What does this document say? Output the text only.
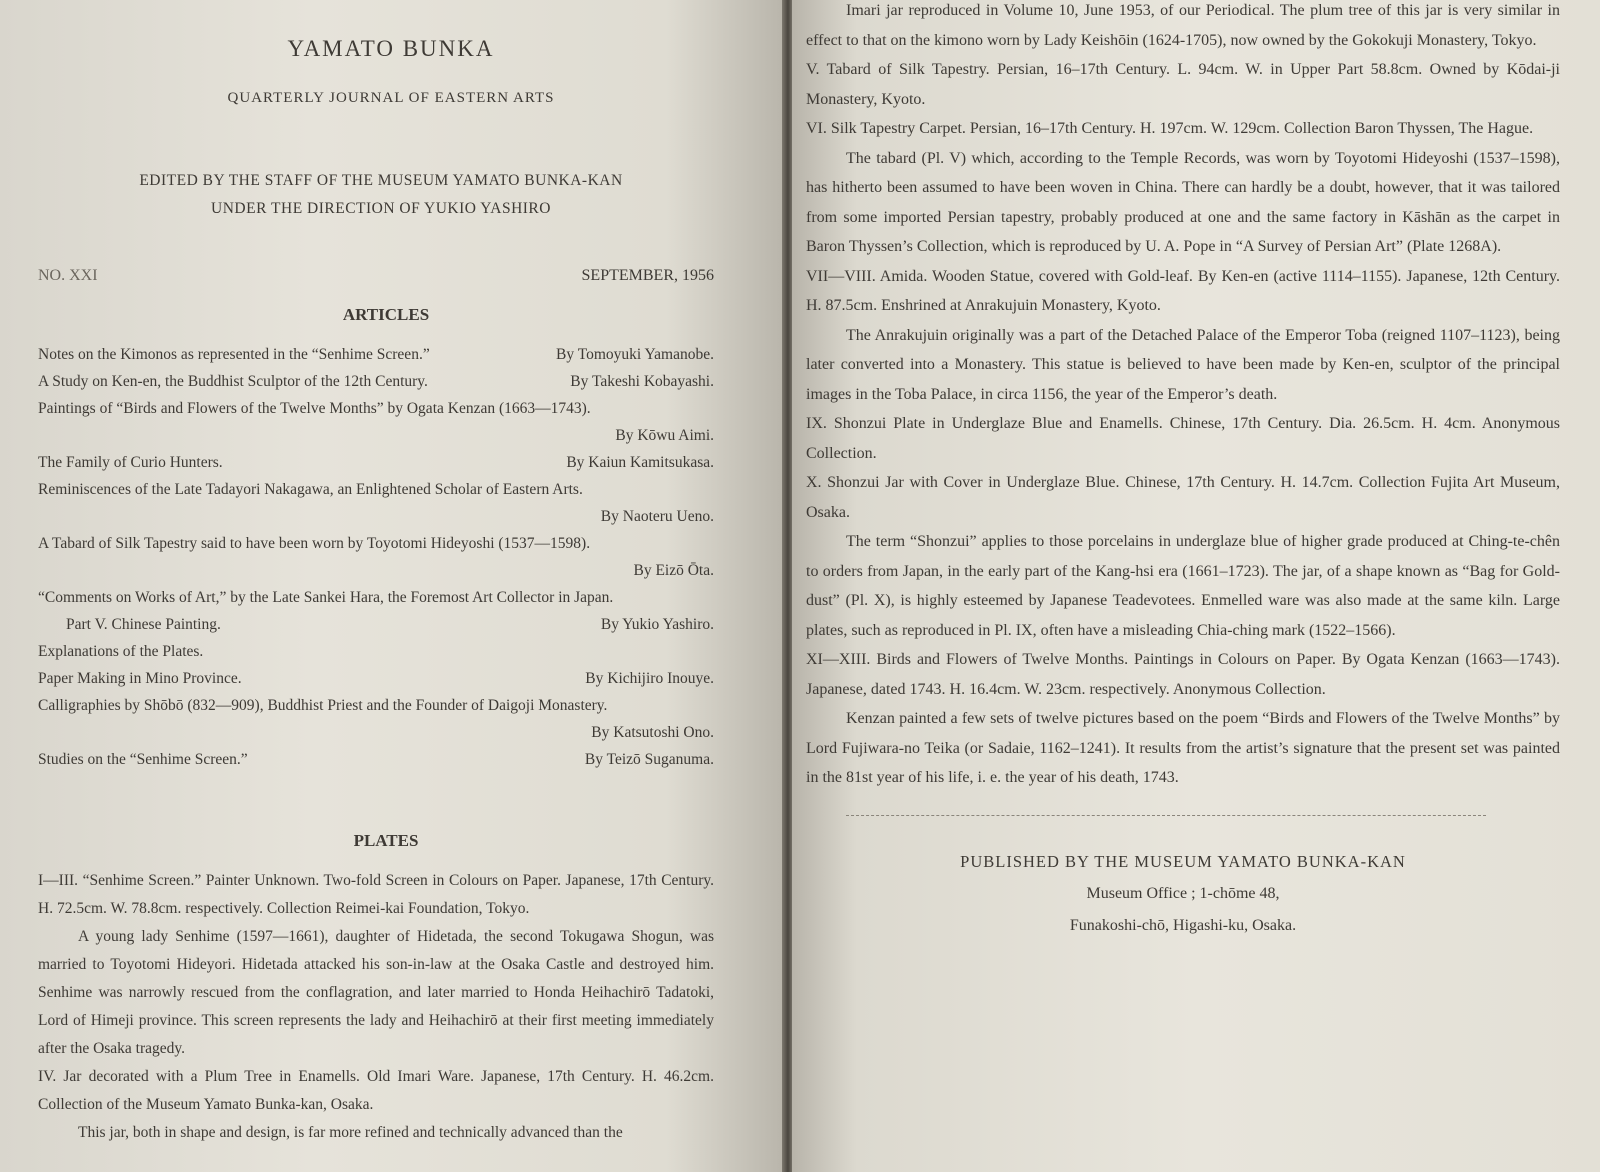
YAMATO BUNKA
QUARTERLY JOURNAL OF EASTERN ARTS
EDITED BY THE STAFF OF THE MUSEUM YAMATO BUNKA-KAN
UNDER THE DIRECTION OF YUKIO YASHIRO
NO. XXI	SEPTEMBER, 1956
ARTICLES
Notes on the Kimonos as represented in the “Senhime Screen.”	By Tomoyuki Yamanobe.
A Study on Ken-en, the Buddhist Sculptor of the 12th Century.	By Takeshi Kobayashi.
Paintings of “Birds and Flowers of the Twelve Months” by Ogata Kenzan (1663—1743).
By Kōwu Aimi.
The Family of Curio Hunters.	By Kaiun Kamitsukasa.
Reminiscences of the Late Tadayori Nakagawa, an Enlightened Scholar of Eastern Arts.
By Naoteru Ueno.
A Tabard of Silk Tapestry said to have been worn by Toyotomi Hideyoshi (1537—1598).
By Eizō Ōta.
“Comments on Works of Art,” by the Late Sankei Hara, the Foremost Art Collector in Japan.
Part V. Chinese Painting.	By Yukio Yashiro.
Explanations of the Plates.
Paper Making in Mino Province.	By Kichijiro Inouye.
Calligraphies by Shōbō (832—909), Buddhist Priest and the Founder of Daigoji Monastery.
By Katsutoshi Ono.
Studies on the “Senhime Screen.”	By Teizō Suganuma.
PLATES

I—III. “Senhime Screen.” Painter Unknown. Two-fold Screen in Colours on Paper. Japanese, 17th Century. H. 72.5cm. W. 78.8cm. respectively. Collection Reimei-kai Foundation, Tokyo.

A young lady Senhime (1597—1661), daughter of Hidetada, the second Tokugawa Shogun, was married to Toyotomi Hideyori. Hidetada attacked his son-in-law at the Osaka Castle and destroyed him. Senhime was narrowly rescued from the conflagration, and later married to Honda Heihachirō Tadatoki, Lord of Himeji province. This screen represents the lady and Heihachirō at their first meeting immediately after the Osaka tragedy.

IV. Jar decorated with a Plum Tree in Enamells. Old Imari Ware. Japanese, 17th Century. H. 46.2cm. Collection of the Museum Yamato Bunka-kan, Osaka.

This jar, both in shape and design, is far more refined and technically advanced than the

Imari jar reproduced in Volume 10, June 1953, of our Periodical. The plum tree of this jar is very similar in effect to that on the kimono worn by Lady Keishōin (1624-1705), now owned by the Gokokuji Monastery, Tokyo.

V. Tabard of Silk Tapestry. Persian, 16–17th Century. L. 94cm. W. in Upper Part 58.8cm. Owned by Kōdai-ji Monastery, Kyoto.

VI. Silk Tapestry Carpet. Persian, 16–17th Century. H. 197cm. W. 129cm. Collection Baron Thyssen, The Hague.

The tabard (Pl. V) which, according to the Temple Records, was worn by Toyotomi Hideyoshi (1537–1598), has hitherto been assumed to have been woven in China. There can hardly be a doubt, however, that it was tailored from some imported Persian tapestry, probably produced at one and the same factory in Kāshān as the carpet in Baron Thyssen’s Collection, which is reproduced by U. A. Pope in “A Survey of Persian Art” (Plate 1268A).

VII—VIII. Amida. Wooden Statue, covered with Gold-leaf. By Ken-en (active 1114–1155). Japanese, 12th Century. H. 87.5cm. Enshrined at Anrakujuin Monastery, Kyoto.

The Anrakujuin originally was a part of the Detached Palace of the Emperor Toba (reigned 1107–1123), being later converted into a Monastery. This statue is believed to have been made by Ken-en, sculptor of the principal images in the Toba Palace, in circa 1156, the year of the Emperor’s death.

IX. Shonzui Plate in Underglaze Blue and Enamells. Chinese, 17th Century. Dia. 26.5cm. H. 4cm. Anonymous Collection.

X. Shonzui Jar with Cover in Underglaze Blue. Chinese, 17th Century. H. 14.7cm. Collection Fujita Art Museum, Osaka.

The term “Shonzui” applies to those porcelains in underglaze blue of higher grade produced at Ching-te-chên to orders from Japan, in the early part of the Kang-hsi era (1661–1723). The jar, of a shape known as “Bag for Gold-dust” (Pl. X), is highly esteemed by Japanese Teadevotees. Enmelled ware was also made at the same kiln. Large plates, such as reproduced in Pl. IX, often have a misleading Chia-ching mark (1522–1566).

XI—XIII. Birds and Flowers of Twelve Months. Paintings in Colours on Paper. By Ogata Kenzan (1663—1743). Japanese, dated 1743. H. 16.4cm. W. 23cm. respectively. Anonymous Collection.

Kenzan painted a few sets of twelve pictures based on the poem “Birds and Flowers of the Twelve Months” by Lord Fujiwara-no Teika (or Sadaie, 1162–1241). It results from the artist’s signature that the present set was painted in the 81st year of his life, i. e. the year of his death, 1743.

PUBLISHED BY THE MUSEUM YAMATO BUNKA-KAN
Museum Office ; 1-chōme 48,
Funakoshi-chō, Higashi-ku, Osaka.
